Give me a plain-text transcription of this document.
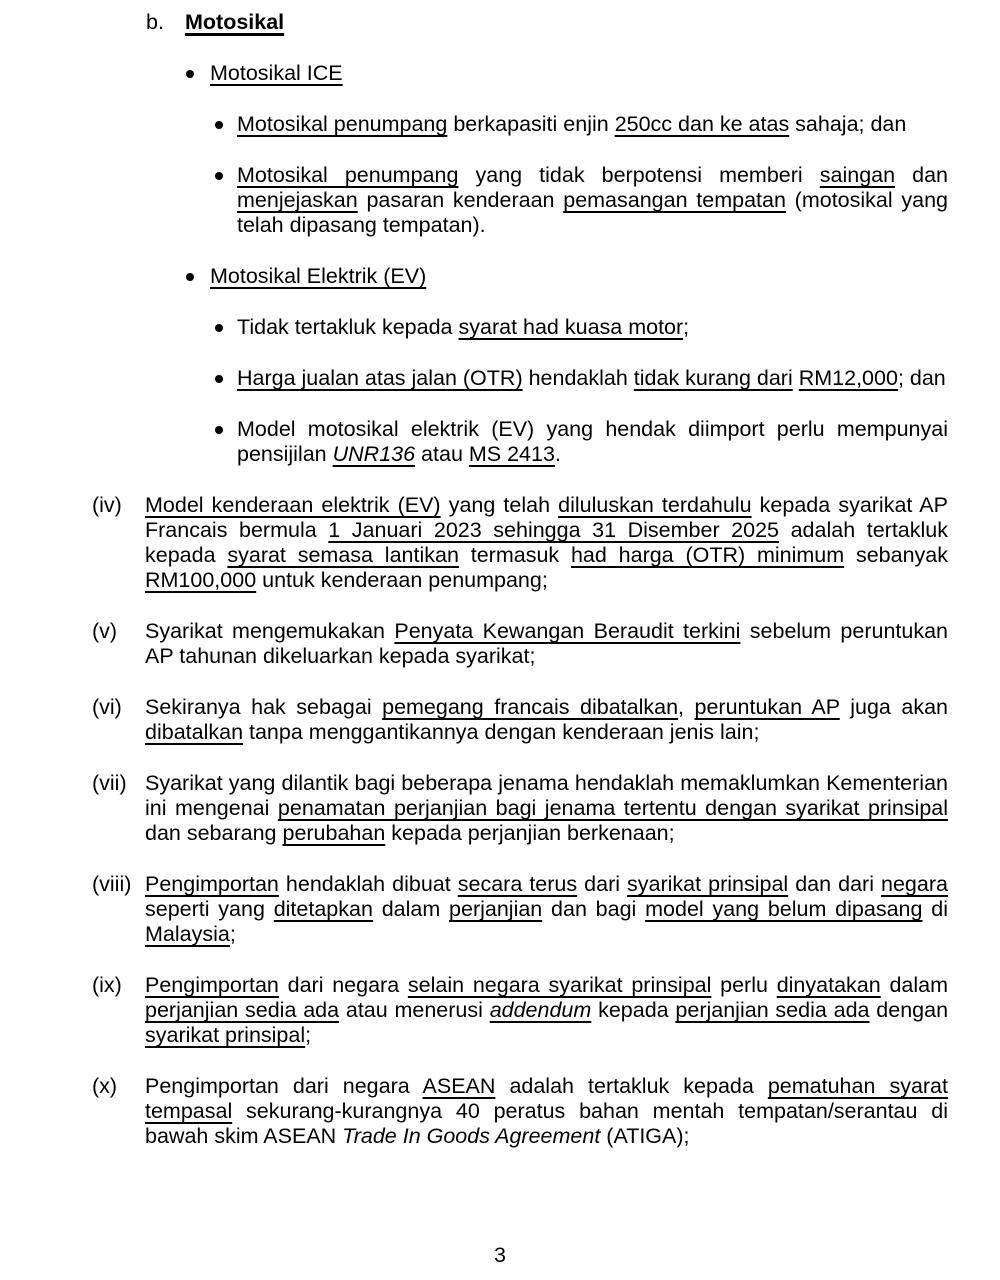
b. Motosikal
Motosikal ICE
Motosikal penumpang berkapasiti enjin 250cc dan ke atas sahaja; dan
Motosikal penumpang yang tidak berpotensi memberi saingan dan menjejaskan pasaran kenderaan pemasangan tempatan (motosikal yang telah dipasang tempatan).
Motosikal Elektrik (EV)
Tidak tertakluk kepada syarat had kuasa motor;
Harga jualan atas jalan (OTR) hendaklah tidak kurang dari RM12,000; dan
Model motosikal elektrik (EV) yang hendak diimport perlu mempunyai pensijilan UNR136 atau MS 2413.
(iv) Model kenderaan elektrik (EV) yang telah diluluskan terdahulu kepada syarikat AP Francais bermula 1 Januari 2023 sehingga 31 Disember 2025 adalah tertakluk kepada syarat semasa lantikan termasuk had harga (OTR) minimum sebanyak RM100,000 untuk kenderaan penumpang;
(v) Syarikat mengemukakan Penyata Kewangan Beraudit terkini sebelum peruntukan AP tahunan dikeluarkan kepada syarikat;
(vi) Sekiranya hak sebagai pemegang francais dibatalkan, peruntukan AP juga akan dibatalkan tanpa menggantikannya dengan kenderaan jenis lain;
(vii) Syarikat yang dilantik bagi beberapa jenama hendaklah memaklumkan Kementerian ini mengenai penamatan perjanjian bagi jenama tertentu dengan syarikat prinsipal dan sebarang perubahan kepada perjanjian berkenaan;
(viii) Pengimportan hendaklah dibuat secara terus dari syarikat prinsipal dan dari negara seperti yang ditetapkan dalam perjanjian dan bagi model yang belum dipasang di Malaysia;
(ix) Pengimportan dari negara selain negara syarikat prinsipal perlu dinyatakan dalam perjanjian sedia ada atau menerusi addendum kepada perjanjian sedia ada dengan syarikat prinsipal;
(x) Pengimportan dari negara ASEAN adalah tertakluk kepada pematuhan syarat tempasal sekurang-kurangnya 40 peratus bahan mentah tempatan/serantau di bawah skim ASEAN Trade In Goods Agreement (ATIGA);
3
